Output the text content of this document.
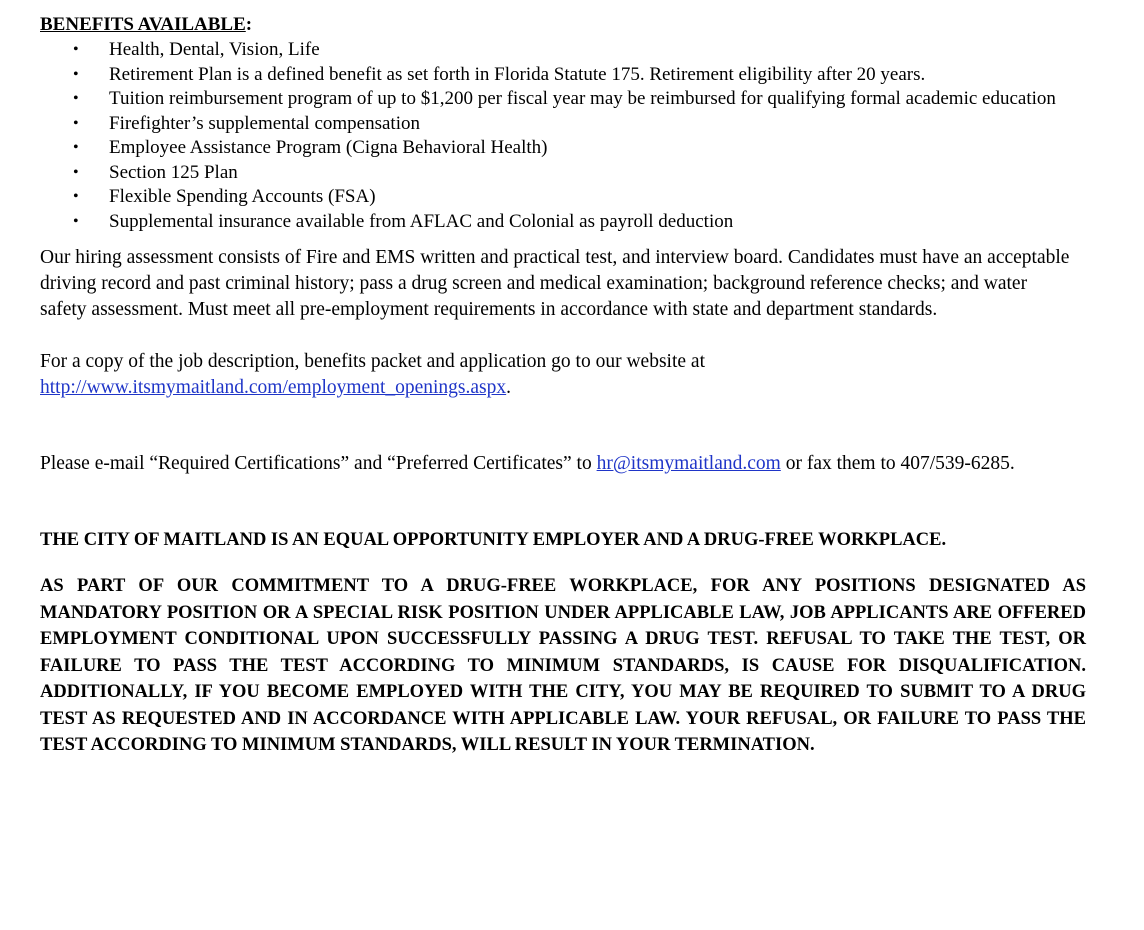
BENEFITS AVAILABLE:
• Health, Dental, Vision, Life
• Retirement Plan is a defined benefit as set forth in Florida Statute 175. Retirement eligibility after 20 years.
• Tuition reimbursement program of up to $1,200 per fiscal year may be reimbursed for qualifying formal academic education
• Firefighter’s supplemental compensation
• Employee Assistance Program (Cigna Behavioral Health)
• Section 125 Plan
• Flexible Spending Accounts (FSA)
• Supplemental insurance available from AFLAC and Colonial as payroll deduction

Our hiring assessment consists of Fire and EMS written and practical test, and interview board. Candidates must have an acceptable driving record and past criminal history; pass a drug screen and medical examination; background reference checks; and water safety assessment. Must meet all pre-employment requirements in accordance with state and department standards.

For a copy of the job description, benefits packet and application go to our website at
http://www.itsmymaitland.com/employment_openings.aspx.

Please e-mail “Required Certifications” and “Preferred Certificates” to hr@itsmymaitland.com or fax them to 407/539-6285.

THE CITY OF MAITLAND IS AN EQUAL OPPORTUNITY EMPLOYER AND A DRUG-FREE WORKPLACE.

AS PART OF OUR COMMITMENT TO A DRUG-FREE WORKPLACE, FOR ANY POSITIONS DESIGNATED AS MANDATORY POSITION OR A SPECIAL RISK POSITION UNDER APPLICABLE LAW, JOB APPLICANTS ARE OFFERED EMPLOYMENT CONDITIONAL UPON SUCCESSFULLY PASSING A DRUG TEST. REFUSAL TO TAKE THE TEST, OR FAILURE TO PASS THE TEST ACCORDING TO MINIMUM STANDARDS, IS CAUSE FOR DISQUALIFICATION. ADDITIONALLY, IF YOU BECOME EMPLOYED WITH THE CITY, YOU MAY BE REQUIRED TO SUBMIT TO A DRUG TEST AS REQUESTED AND IN ACCORDANCE WITH APPLICABLE LAW. YOUR REFUSAL, OR FAILURE TO PASS THE TEST ACCORDING TO MINIMUM STANDARDS, WILL RESULT IN YOUR TERMINATION.
